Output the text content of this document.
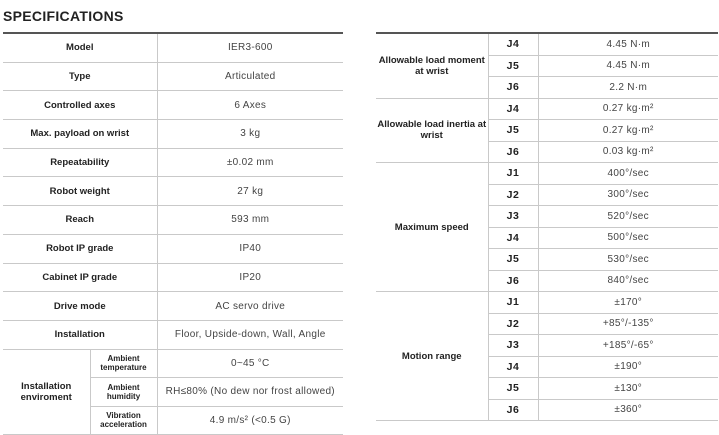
SPECIFICATIONS
Model		IER3-600
Type		Articulated
Controlled axes		6 Axes
Max. payload on wrist		3 kg
Repeatability		±0.02 mm
Robot weight		27 kg
Reach		593 mm
Robot IP grade		IP40
Cabinet IP grade		IP20
Drive mode		AC servo drive
Installation		Floor, Upside-down, Wall, Angle
Installation enviroment	Ambient temperature	0~45 °C
	Ambient humidity	RH≤80% (No dew nor frost allowed)
	Vibration acceleration	4.9 m/s² (<0.5 G)
Allowable load moment at wrist	J4	4.45 N·m
	J5	4.45 N·m
	J6	2.2 N·m
Allowable load inertia at wrist	J4	0.27 kg·m²
	J5	0.27 kg·m²
	J6	0.03 kg·m²
Maximum speed	J1	400°/sec
	J2	300°/sec
	J3	520°/sec
	J4	500°/sec
	J5	530°/sec
	J6	840°/sec
Motion range	J1	±170°
	J2	+85°/-135°
	J3	+185°/-65°
	J4	±190°
	J5	±130°
	J6	±360°
